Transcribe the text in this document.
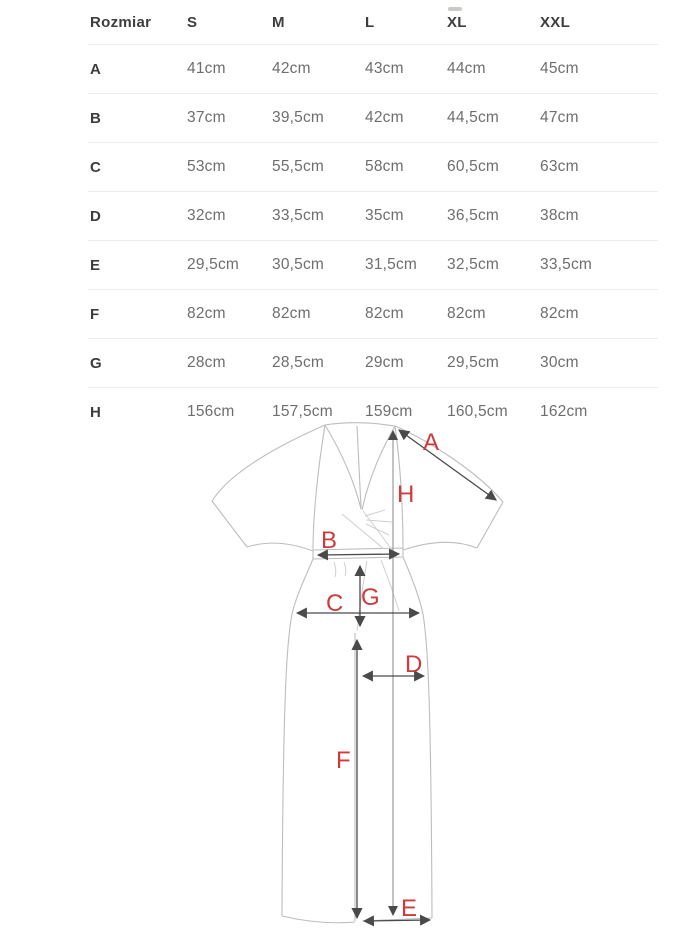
A
H
B
C G
D
F
E
Rozmiar	S	M	L	XL	XXL
A	41cm	42cm	43cm	44cm	45cm
B	37cm	39,5cm	42cm	44,5cm	47cm
C	53cm	55,5cm	58cm	60,5cm	63cm
D	32cm	33,5cm	35cm	36,5cm	38cm
E	29,5cm	30,5cm	31,5cm	32,5cm	33,5cm
F	82cm	82cm	82cm	82cm	82cm
G	28cm	28,5cm	29cm	29,5cm	30cm
H	156cm	157,5cm	159cm	160,5cm	162cm
